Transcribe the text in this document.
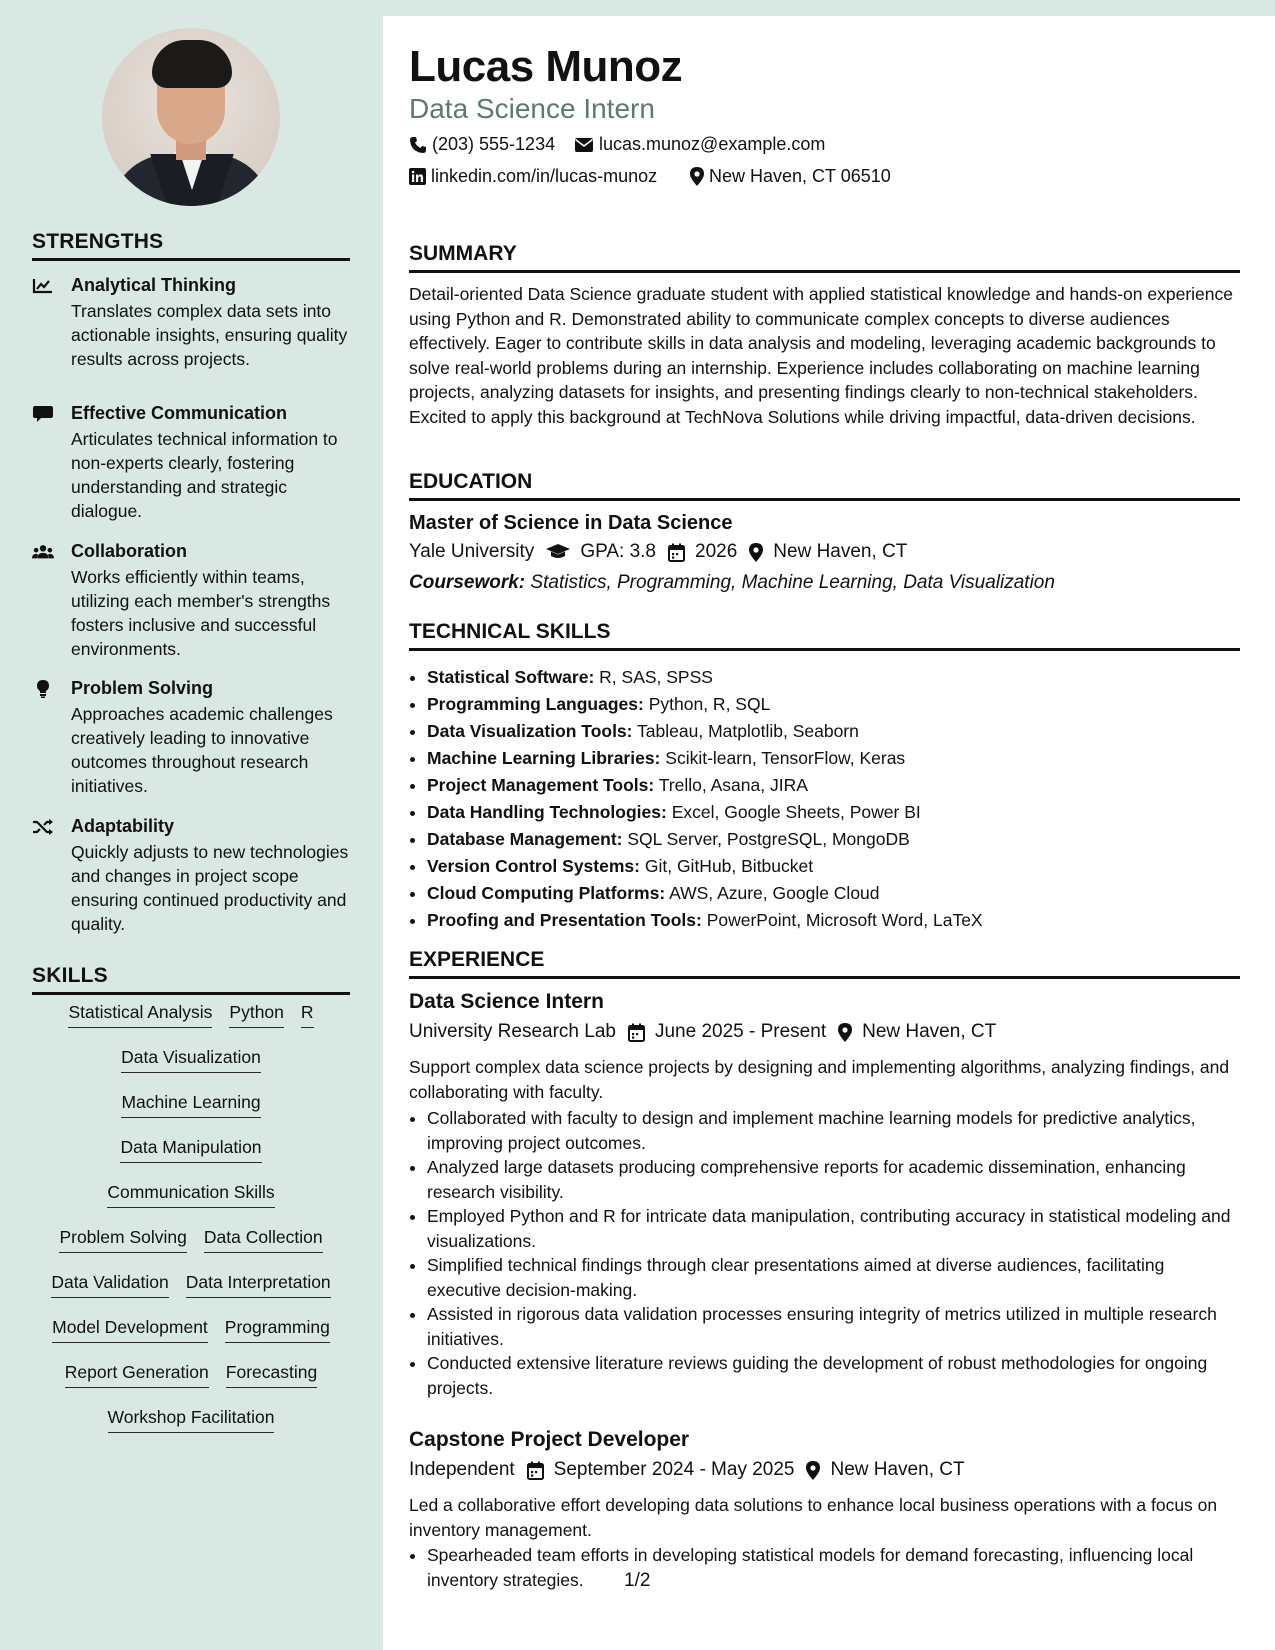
STRENGTHS
Analytical Thinking
Translates complex data sets into actionable insights, ensuring quality results across projects.
Effective Communication
Articulates technical information to non-experts clearly, fostering understanding and strategic dialogue.
Collaboration
Works efficiently within teams, utilizing each member's strengths fosters inclusive and successful environments.
Problem Solving
Approaches academic challenges creatively leading to innovative outcomes throughout research initiatives.
Adaptability
Quickly adjusts to new technologies and changes in project scope ensuring continued productivity and quality.
SKILLS
Statistical Analysis Python R
Data Visualization
Machine Learning
Data Manipulation
Communication Skills
Problem Solving Data Collection
Data Validation Data Interpretation
Model Development Programming
Report Generation Forecasting
Workshop Facilitation
Lucas Munoz
Data Science Intern
(203) 555-1234 lucas.munoz@example.com
linkedin.com/in/lucas-munoz	New Haven, CT 06510
SUMMARY
Detail-oriented Data Science graduate student with applied statistical knowledge and hands-on experience using Python and R. Demonstrated ability to communicate complex concepts to diverse audiences effectively. Eager to contribute skills in data analysis and modeling, leveraging academic backgrounds to solve real-world problems during an internship. Experience includes collaborating on machine learning projects, analyzing datasets for insights, and presenting findings clearly to non-technical stakeholders. Excited to apply this background at TechNova Solutions while driving impactful, data-driven decisions.
EDUCATION
Master of Science in Data Science
Yale University GPA: 3.8 2026 New Haven, CT
Coursework: Statistics, Programming, Machine Learning, Data Visualization
TECHNICAL SKILLS
• Statistical Software: R, SAS, SPSS
• Programming Languages: Python, R, SQL
• Data Visualization Tools: Tableau, Matplotlib, Seaborn
• Machine Learning Libraries: Scikit-learn, TensorFlow, Keras
• Project Management Tools: Trello, Asana, JIRA
• Data Handling Technologies: Excel, Google Sheets, Power BI
• Database Management: SQL Server, PostgreSQL, MongoDB
• Version Control Systems: Git, GitHub, Bitbucket
• Cloud Computing Platforms: AWS, Azure, Google Cloud
• Proofing and Presentation Tools: PowerPoint, Microsoft Word, LaTeX
EXPERIENCE
Data Science Intern
University Research Lab June 2025 - Present New Haven, CT
Support complex data science projects by designing and implementing algorithms, analyzing findings, and collaborating with faculty.
• Collaborated with faculty to design and implement machine learning models for predictive analytics, improving project outcomes.
• Analyzed large datasets producing comprehensive reports for academic dissemination, enhancing research visibility.
• Employed Python and R for intricate data manipulation, contributing accuracy in statistical modeling and visualizations.
• Simplified technical findings through clear presentations aimed at diverse audiences, facilitating executive decision-making.
• Assisted in rigorous data validation processes ensuring integrity of metrics utilized in multiple research initiatives.
• Conducted extensive literature reviews guiding the development of robust methodologies for ongoing projects.
Capstone Project Developer
Independent September 2024 - May 2025 New Haven, CT
Led a collaborative effort developing data solutions to enhance local business operations with a focus on inventory management.
• Spearheaded team efforts in developing statistical models for demand forecasting, influencing local inventory strategies.	1/2
